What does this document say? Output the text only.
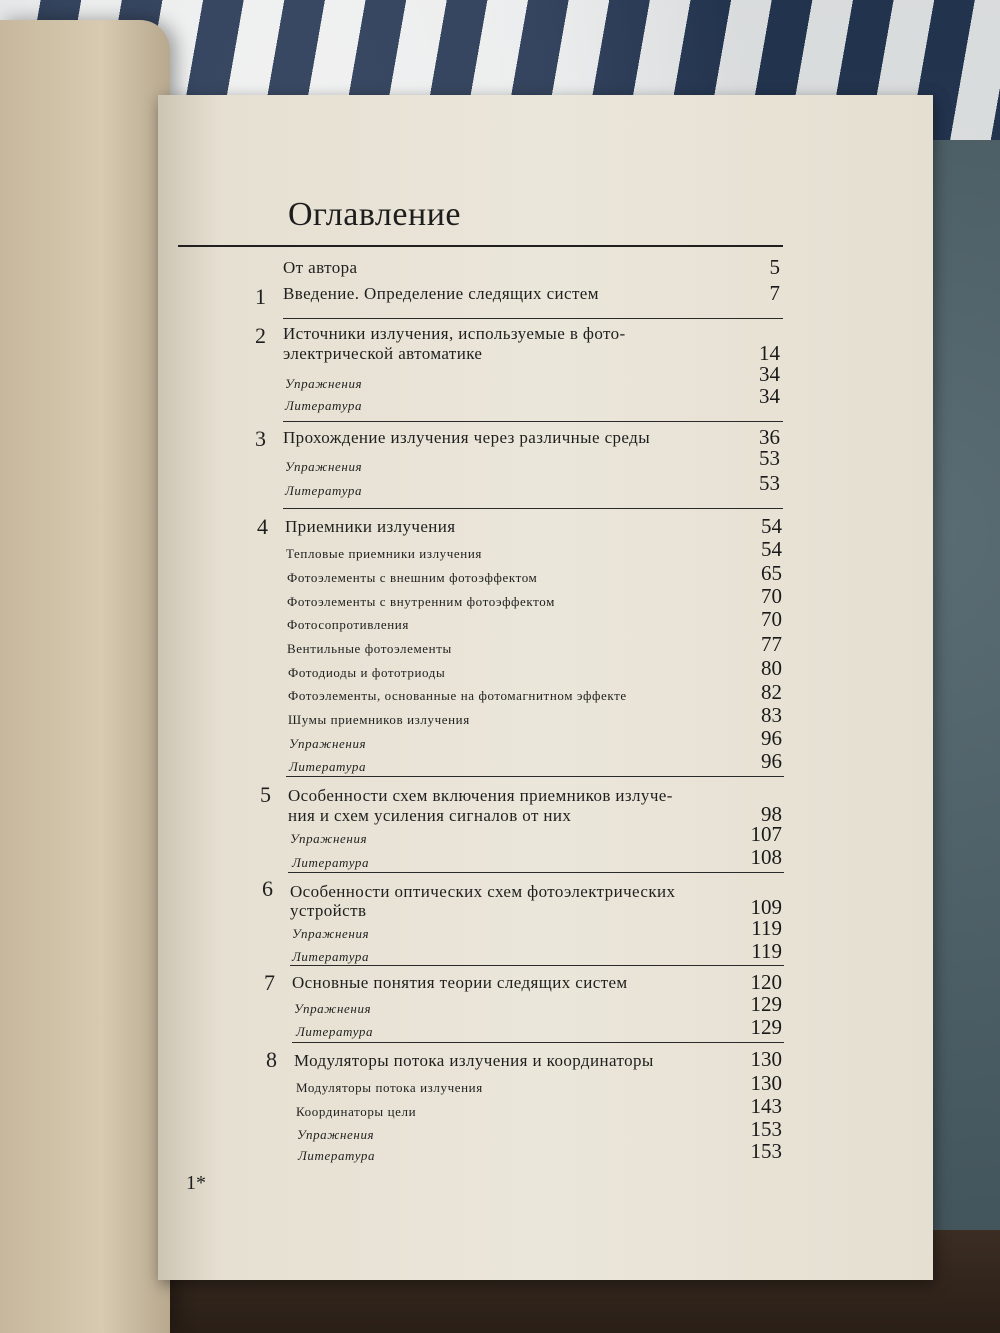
Оглавление
От автора	5
1 Введение. Определение следящих систем	7
2 Источники излучения, используемые в фото-
электрической автоматике	14
Упражнения	34
Литература	34
3 Прохождение излучения через различные среды	36
Упражнения	53
Литература	53
4 Приемники излучения	54
Тепловые приемники излучения	54
Фотоэлементы с внешним фотоэффектом	65
Фотоэлементы с внутренним фотоэффектом	70
Фотосопротивления	70
Вентильные фотоэлементы	77
Фотодиоды и фототриоды	80
Фотоэлементы, основанные на фотомагнитном эффекте	82
Шумы приемников излучения	83
Упражнения	96
Литература	96
5 Особенности схем включения приемников излуче-
ния и схем усиления сигналов от них	98
Упражнения	107
Литература	108
6 Особенности оптических схем фотоэлектрических
устройств	109
Упражнения	119
Литература	119
7 Основные понятия теории следящих систем	120
Упражнения	129
Литература	129
8 Модуляторы потока излучения и координаторы	130
Модуляторы потока излучения	130
Координаторы цели	143
Упражнения	153
Литература	153
1*
